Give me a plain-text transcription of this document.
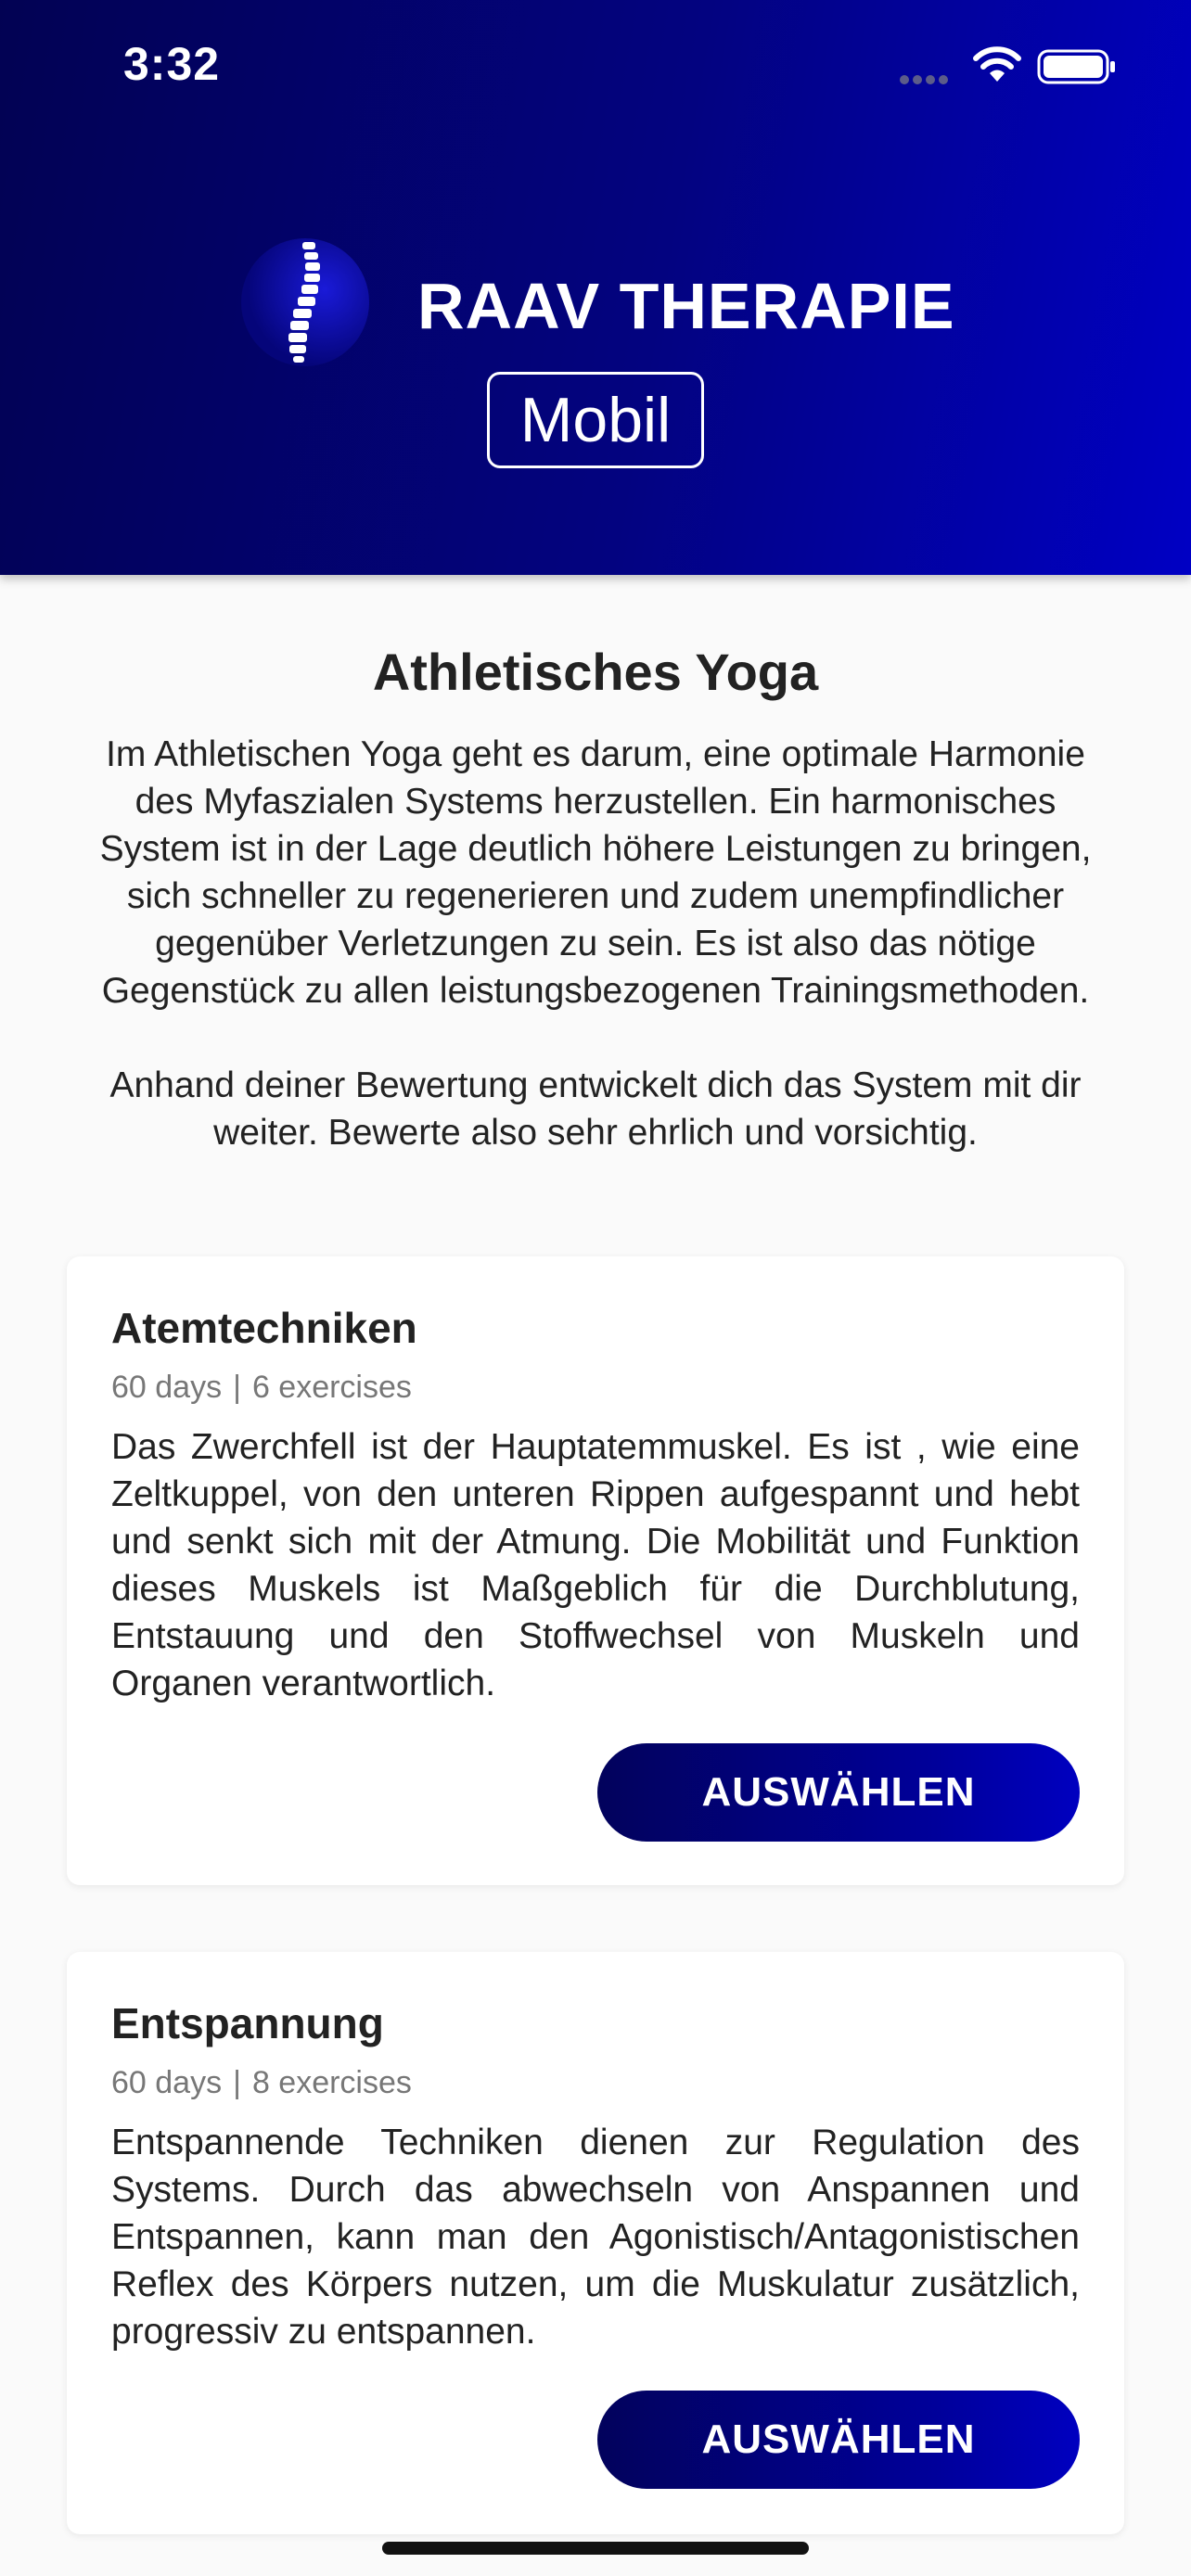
3:32
RAAV THERAPIE
Mobil
Athletisches Yoga

Im Athletischen Yoga geht es darum, eine optimale Harmonie des Myfaszialen Systems herzustellen. Ein harmonisches System ist in der Lage deutlich höhere Leistungen zu bringen, sich schneller zu regenerieren und zudem unempfindlicher gegenüber Verletzungen zu sein. Es ist also das nötige Gegenstück zu allen leistungsbezogenen Trainingsmethoden.

Anhand deiner Bewertung entwickelt dich das System mit dir weiter. Bewerte also sehr ehrlich und vorsichtig.

Atemtechniken
60 days | 6 exercises
Das Zwerchfell ist der Hauptatemmuskel. Es ist , wie eine Zeltkuppel, von den unteren Rippen aufgespannt und hebt und senkt sich mit der Atmung. Die Mobilität und Funktion dieses Muskels ist Maßgeblich für die Durchblutung, Entstauung und den Stoffwechsel von Muskeln und Organen verantwortlich.
AUSWÄHLEN
Entspannung
60 days | 8 exercises
Entspannende Techniken dienen zur Regulation des Systems. Durch das abwechseln von Anspannen und Entspannen, kann man den Agonistisch/Antagonistischen Reflex des Körpers nutzen, um die Muskulatur zusätzlich, progressiv zu entspannen.
AUSWÄHLEN
